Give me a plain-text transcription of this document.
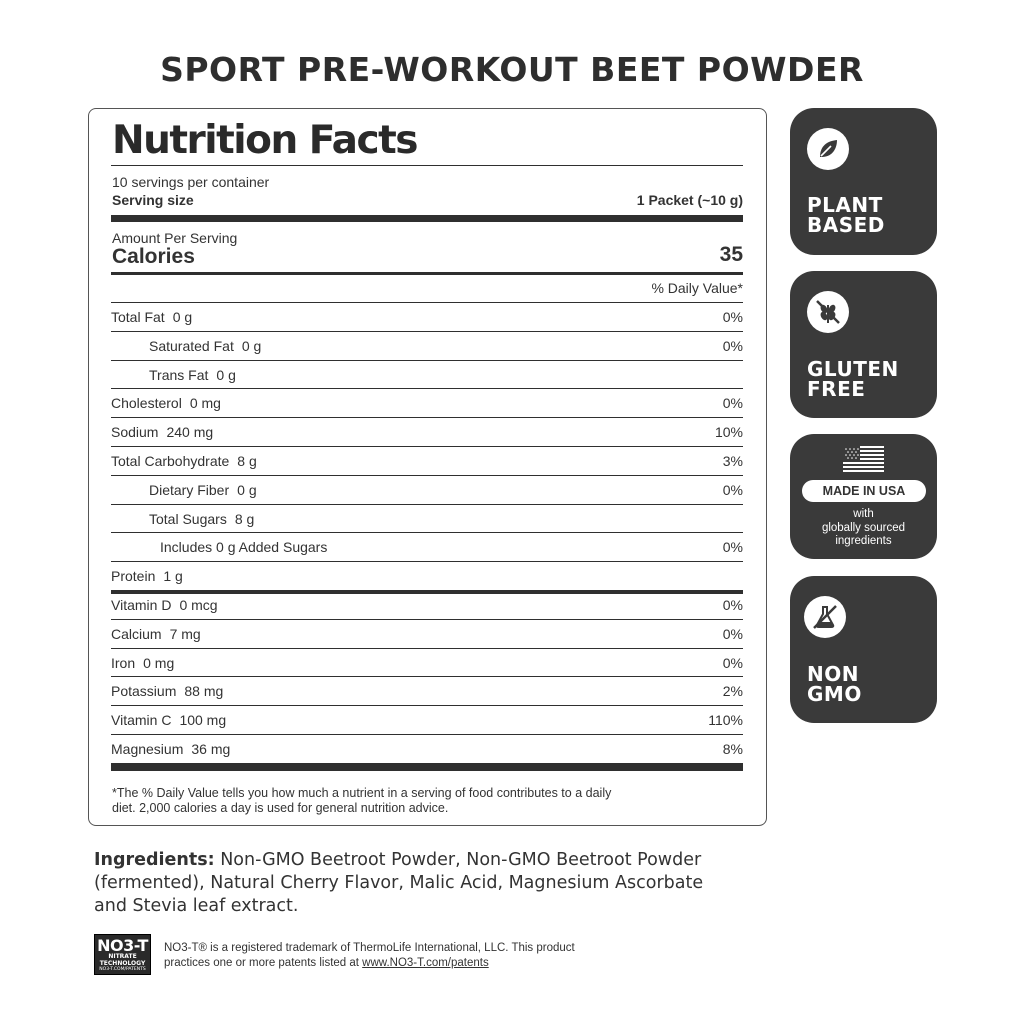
SPORT PRE-WORKOUT BEET POWDER
Nutrition Facts
10 servings per container
Serving size	1 Packet (~10 g)
Amount Per Serving
Calories	35
% Daily Value*
Total Fat 0 g	0%
Saturated Fat 0 g	0%
Trans Fat 0 g
Cholesterol 0 mg	0%
Sodium 240 mg	10%
Total Carbohydrate 8 g	3%
Dietary Fiber 0 g	0%
Total Sugars 8 g
Includes 0 g Added Sugars	0%
Protein 1 g
Vitamin D 0 mcg	0%
Calcium 7 mg	0%
Iron 0 mg	0%
Potassium 88 mg	2%
Vitamin C 100 mg	110%
Magnesium 36 mg	8%
*The % Daily Value tells you how much a nutrient in a serving of food contributes to a daily diet. 2,000 calories a day is used for general nutrition advice.
PLANT
BASED
GLUTEN
FREE
MADE IN USA
with
globally sourced
ingredients
NON
GMO
Ingredients: Non-GMO Beetroot Powder, Non-GMO Beetroot Powder (fermented), Natural Cherry Flavor, Malic Acid, Magnesium Ascorbate and Stevia leaf extract.
NO3-T
NITRATE TECHNOLOGY
NO3-T.COM/PATENTS
NO3-T® is a registered trademark of ThermoLife International, LLC. This product practices one or more patents listed at www.NO3-T.com/patents
